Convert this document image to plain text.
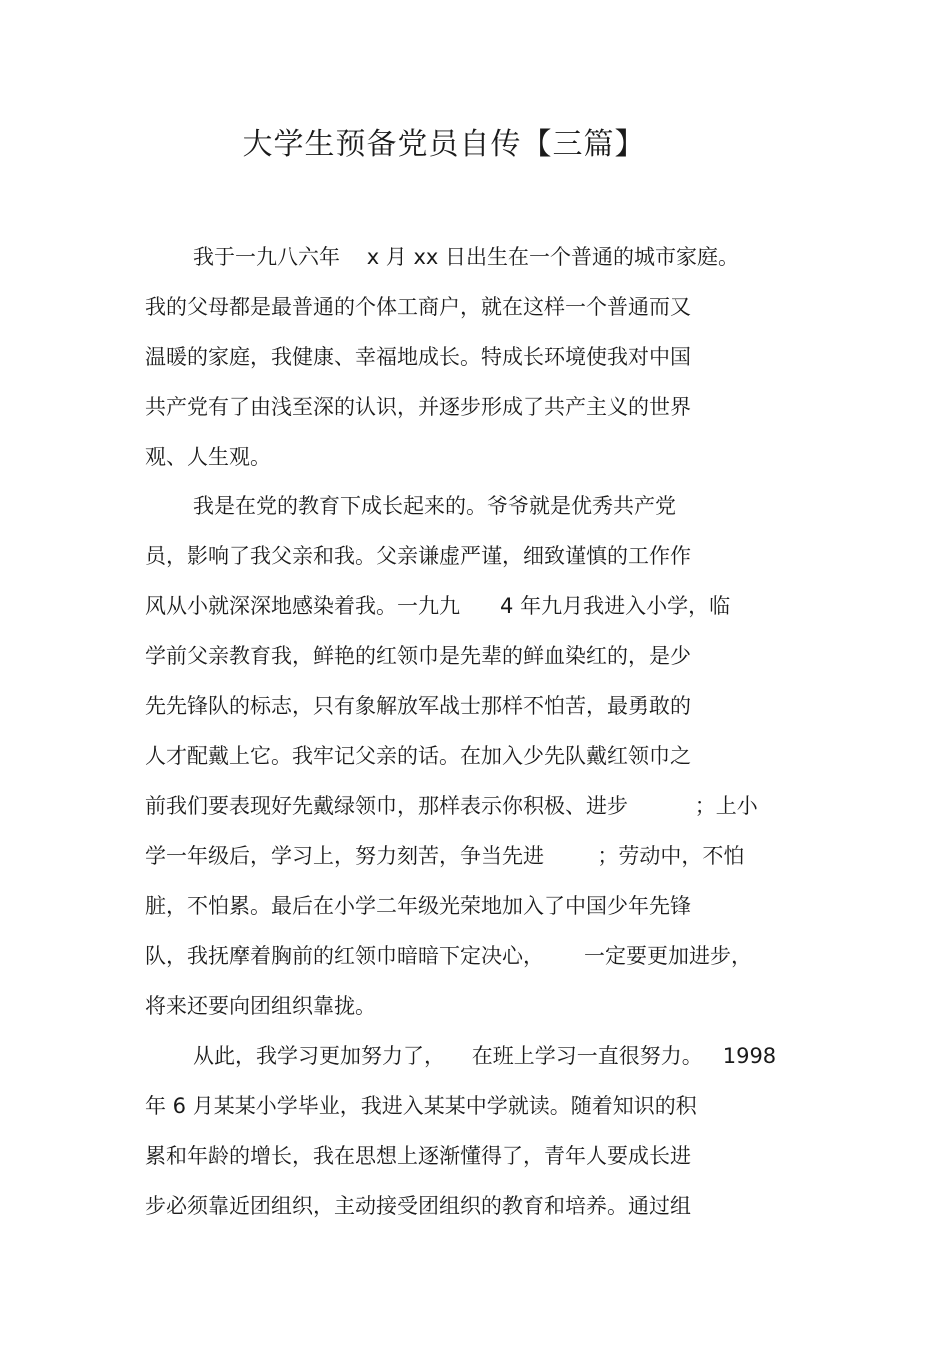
大学生预备党员自传【三篇】
我于一九八六年    x 月 xx 日出生在一个普通的城市家庭。
我的父母都是最普通的个体工商户，就在这样一个普通而又
温暖的家庭，我健康、幸福地成长。特成长环境使我对中国
共产党有了由浅至深的认识，并逐步形成了共产主义的世界
观、人生观。
我是在党的教育下成长起来的。爷爷就是优秀共产党
员，影响了我父亲和我。父亲谦虚严谨，细致谨慎的工作作
风从小就深深地感染着我。一九九      4 年九月我进入小学，临
学前父亲教育我，鲜艳的红领巾是先辈的鲜血染红的，是少
先先锋队的标志，只有象解放军战士那样不怕苦，最勇敢的
人才配戴上它。我牢记父亲的话。在加入少先队戴红领巾之
前我们要表现好先戴绿领巾，那样表示你积极、进步          ；上小
学一年级后，学习上，努力刻苦，争当先进        ；劳动中，不怕
脏，不怕累。最后在小学二年级光荣地加入了中国少年先锋
队，我抚摩着胸前的红领巾暗暗下定决心，      一定要更加进步，
将来还要向团组织靠拢。
从此，我学习更加努力了，    在班上学习一直很努力。   1998
年 6 月某某小学毕业，我进入某某中学就读。随着知识的积
累和年龄的增长，我在思想上逐渐懂得了，青年人要成长进
步必须靠近团组织，主动接受团组织的教育和培养。通过组
